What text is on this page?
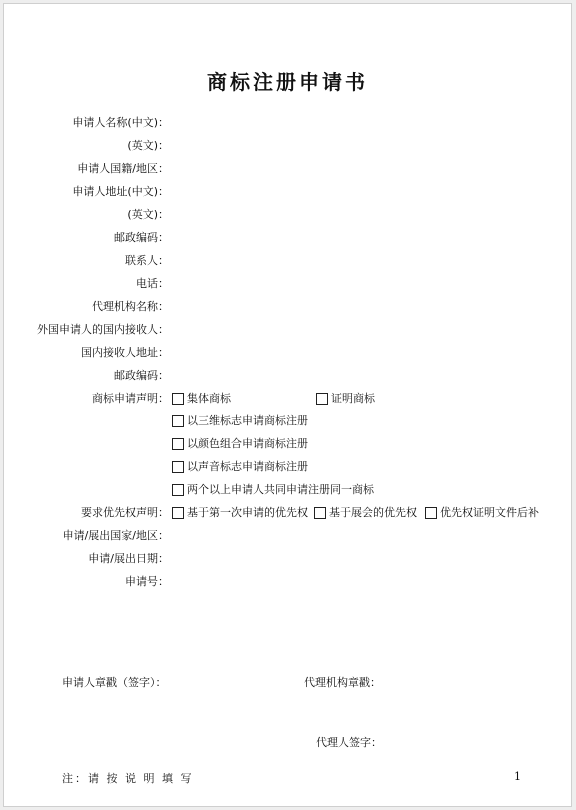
商标注册申请书
申请人名称(中文)：
(英文)：
申请人国籍/地区：
申请人地址(中文)：
(英文)：
邮政编码：
联系人：
电话：
代理机构名称：
外国申请人的国内接收人：
国内接收人地址：
邮政编码：
商标申请声明： 集体商标	证明商标
以三维标志申请商标注册
以颜色组合申请商标注册
以声音标志申请商标注册
两个以上申请人共同申请注册同一商标
要求优先权声明： 基于第一次申请的优先权 基于展会的优先权 优先权证明文件后补
申请/展出国家/地区：
申请/展出日期：
申请号：
申请人章戳（签字）：	代理机构章戳：
代理人签字：
注：请 按 说 明 填 写	1
